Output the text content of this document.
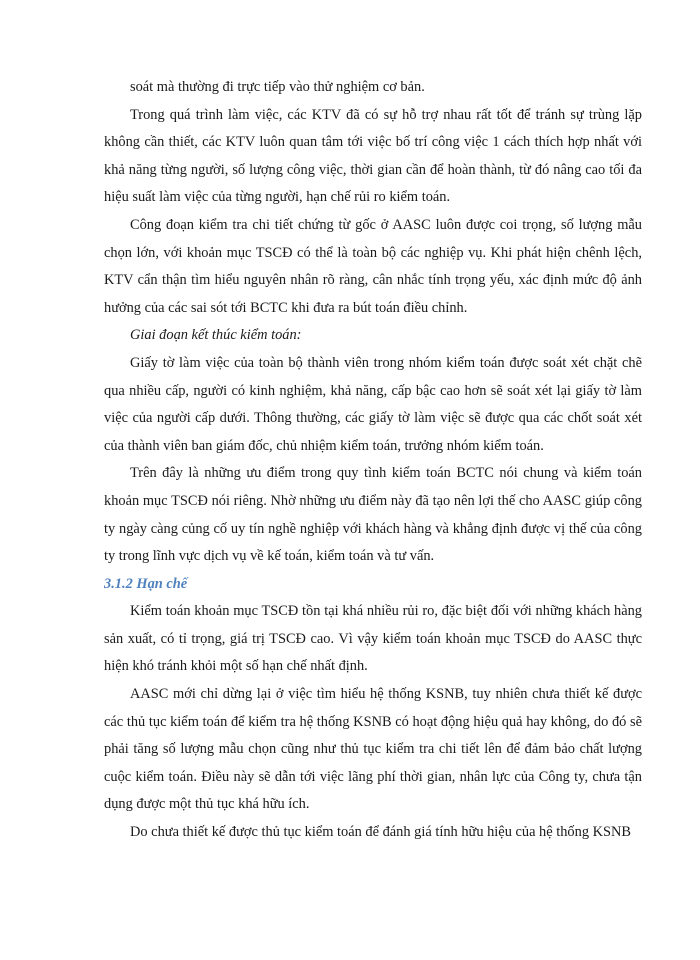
soát mà thường đi trực tiếp vào thử nghiệm cơ bản.

Trong quá trình làm việc, các KTV đã có sự hỗ trợ nhau rất tốt để tránh sự trùng lặp không cần thiết, các KTV luôn quan tâm tới việc bố trí công việc 1 cách thích hợp nhất với khả năng từng người, số lượng công việc, thời gian cần để hoàn thành, từ đó nâng cao tối đa hiệu suất làm việc của từng người, hạn chế rủi ro kiểm toán.

Công đoạn kiểm tra chi tiết chứng từ gốc ở AASC luôn được coi trọng, số lượng mẫu chọn lớn, với khoản mục TSCĐ có thể là toàn bộ các nghiệp vụ. Khi phát hiện chênh lệch, KTV cẩn thận tìm hiểu nguyên nhân rõ ràng, cân nhắc tính trọng yếu, xác định mức độ ảnh hưởng của các sai sót tới BCTC khi đưa ra bút toán điều chỉnh.

Giai đoạn kết thúc kiểm toán:

Giấy tờ làm việc của toàn bộ thành viên trong nhóm kiểm toán được soát xét chặt chẽ qua nhiều cấp, người có kinh nghiệm, khả năng, cấp bậc cao hơn sẽ soát xét lại giấy tờ làm việc của người cấp dưới. Thông thường, các giấy tờ làm việc sẽ được qua các chốt soát xét của thành viên ban giám đốc, chủ nhiệm kiểm toán, trưởng nhóm kiểm toán.

Trên đây là những ưu điểm trong quy tình kiểm toán BCTC nói chung và kiểm toán khoản mục TSCĐ nói riêng. Nhờ những ưu điểm này đã tạo nên lợi thế cho AASC giúp công ty ngày càng củng cố uy tín nghề nghiệp với khách hàng và khẳng định được vị thế của công ty trong lĩnh vực dịch vụ về kế toán, kiểm toán và tư vấn.

3.1.2 Hạn chế

Kiểm toán khoản mục TSCĐ tồn tại khá nhiều rủi ro, đặc biệt đối với những khách hàng sản xuất, có tỉ trọng, giá trị TSCĐ cao. Vì vậy kiểm toán khoản mục TSCĐ do AASC thực hiện khó tránh khỏi một số hạn chế nhất định.

AASC mới chỉ dừng lại ở việc tìm hiểu hệ thống KSNB, tuy nhiên chưa thiết kế được các thủ tục kiểm toán để kiểm tra hệ thống KSNB có hoạt động hiệu quả hay không, do đó sẽ phải tăng số lượng mẫu chọn cũng như thủ tục kiểm tra chi tiết lên để đảm bảo chất lượng cuộc kiểm toán. Điều này sẽ dẫn tới việc lãng phí thời gian, nhân lực của Công ty, chưa tận dụng được một thủ tục khá hữu ích.

Do chưa thiết kế được thủ tục kiểm toán để đánh giá tính hữu hiệu của hệ thống KSNB
